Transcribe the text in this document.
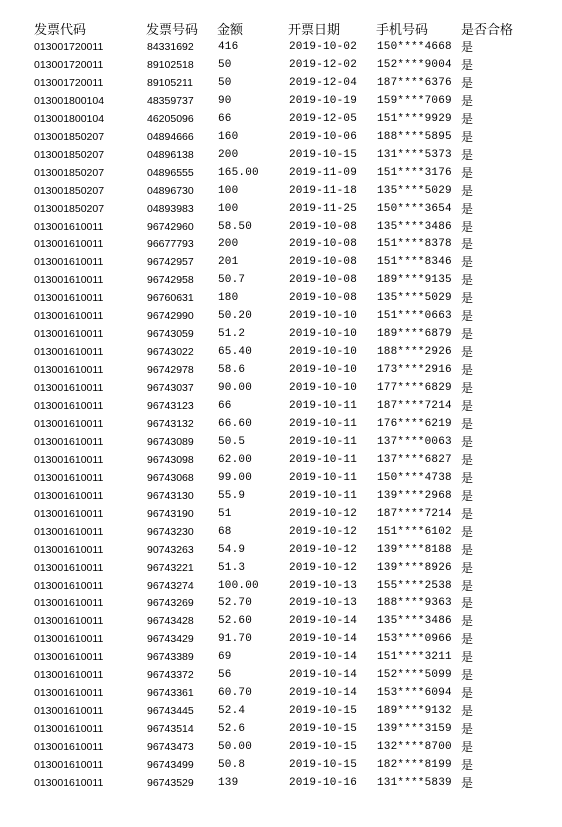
发票代码	发票号码 金额	开票日期	手机号码	是否合格
013001720011	84331692 416	2019-10-02 150****4668 是
013001720011	89102518 50	2019-12-02 152****9004 是
013001720011	89105211 50	2019-12-04 187****6376 是
013001800104	48359737 90	2019-10-19 159****7069 是
013001800104	46205096 66	2019-12-05 151****9929 是
013001850207	04894666 160	2019-10-06 188****5895 是
013001850207	04896138 200	2019-10-15 131****5373 是
013001850207	04896555 165.00	2019-11-09 151****3176 是
013001850207	04896730 100	2019-11-18 135****5029 是
013001850207	04893983 100	2019-11-25 150****3654 是
013001610011	96742960 58.50	2019-10-08 135****3486 是
013001610011	96677793 200	2019-10-08 151****8378 是
013001610011	96742957 201	2019-10-08 151****8346 是
013001610011	96742958 50.7	2019-10-08 189****9135 是
013001610011	96760631 180	2019-10-08 135****5029 是
013001610011	96742990 50.20	2019-10-10 151****0663 是
013001610011	96743059 51.2	2019-10-10 189****6879 是
013001610011	96743022 65.40	2019-10-10 188****2926 是
013001610011	96742978 58.6	2019-10-10 173****2916 是
013001610011	96743037 90.00	2019-10-10 177****6829 是
013001610011	96743123 66	2019-10-11 187****7214 是
013001610011	96743132 66.60	2019-10-11 176****6219 是
013001610011	96743089 50.5	2019-10-11 137****0063 是
013001610011	96743098 62.00	2019-10-11 137****6827 是
013001610011	96743068 99.00	2019-10-11 150****4738 是
013001610011	96743130 55.9	2019-10-11 139****2968 是
013001610011	96743190 51	2019-10-12 187****7214 是
013001610011	96743230 68	2019-10-12 151****6102 是
013001610011	90743263 54.9	2019-10-12 139****8188 是
013001610011	96743221 51.3	2019-10-12 139****8926 是
013001610011	96743274 100.00	2019-10-13 155****2538 是
013001610011	96743269 52.70	2019-10-13 188****9363 是
013001610011	96743428 52.60	2019-10-14 135****3486 是
013001610011	96743429 91.70	2019-10-14 153****0966 是
013001610011	96743389 69	2019-10-14 151****3211 是
013001610011	96743372 56	2019-10-14 152****5099 是
013001610011	96743361 60.70	2019-10-14 153****6094 是
013001610011	96743445 52.4	2019-10-15 189****9132 是
013001610011	96743514 52.6	2019-10-15 139****3159 是
013001610011	96743473 50.00	2019-10-15 132****8700 是
013001610011	96743499 50.8	2019-10-15 182****8199 是
013001610011	96743529 139	2019-10-16 131****5839 是
